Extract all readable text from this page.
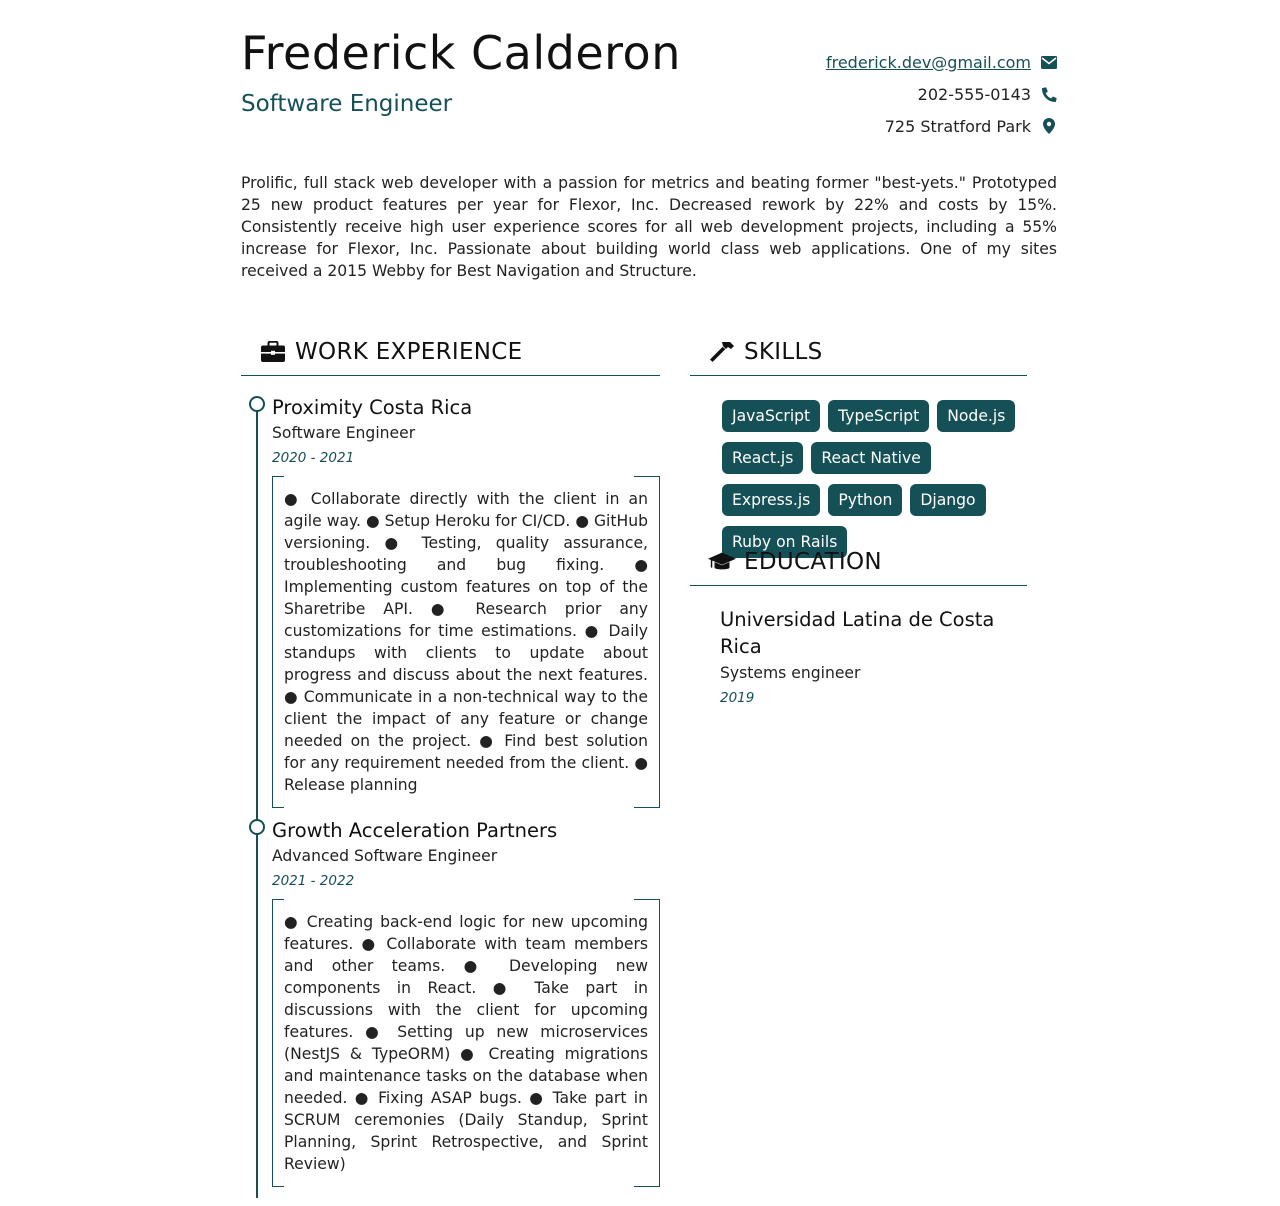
Frederick Calderon
Software Engineer
frederick.dev@gmail.com
202-555-0143
725 Stratford Park

Prolific, full stack web developer with a passion for metrics and beating former "best-yets." Prototyped 25 new product features per year for Flexor, Inc. Decreased rework by 22% and costs by 15%. Consistently receive high user experience scores for all web development projects, including a 55% increase for Flexor, Inc. Passionate about building world class web applications. One of my sites received a 2015 Webby for Best Navigation and Structure.

WORK EXPERIENCE
Proximity Costa Rica
Software Engineer
2020 - 2021

● Collaborate directly with the client in an agile way. ● Setup Heroku for CI/CD. ● GitHub versioning. ● Testing, quality assurance, troubleshooting and bug fixing. ● Implementing custom features on top of the Sharetribe API. ● Research prior any customizations for time estimations. ● Daily standups with clients to update about progress and discuss about the next features. ● Communicate in a non-technical way to the client the impact of any feature or change needed on the project. ● Find best solution for any requirement needed from the client. ● Release planning

Growth Acceleration Partners
Advanced Software Engineer
2021 - 2022

● Creating back-end logic for new upcoming features. ● Collaborate with team members and other teams. ● Developing new components in React. ● Take part in discussions with the client for upcoming features. ● Setting up new microservices (NestJS & TypeORM) ● Creating migrations and maintenance tasks on the database when needed. ● Fixing ASAP bugs. ● Take part in SCRUM ceremonies (Daily Standup, Sprint Planning, Sprint Retrospective, and Sprint Review)

SKILLS
JavaScript	TypeScript	Node.js
React.js	React Native
Express.js	Python	Django
Ruby on Rails
EDUCATION
Universidad Latina de Costa Rica
Systems engineer
2019
